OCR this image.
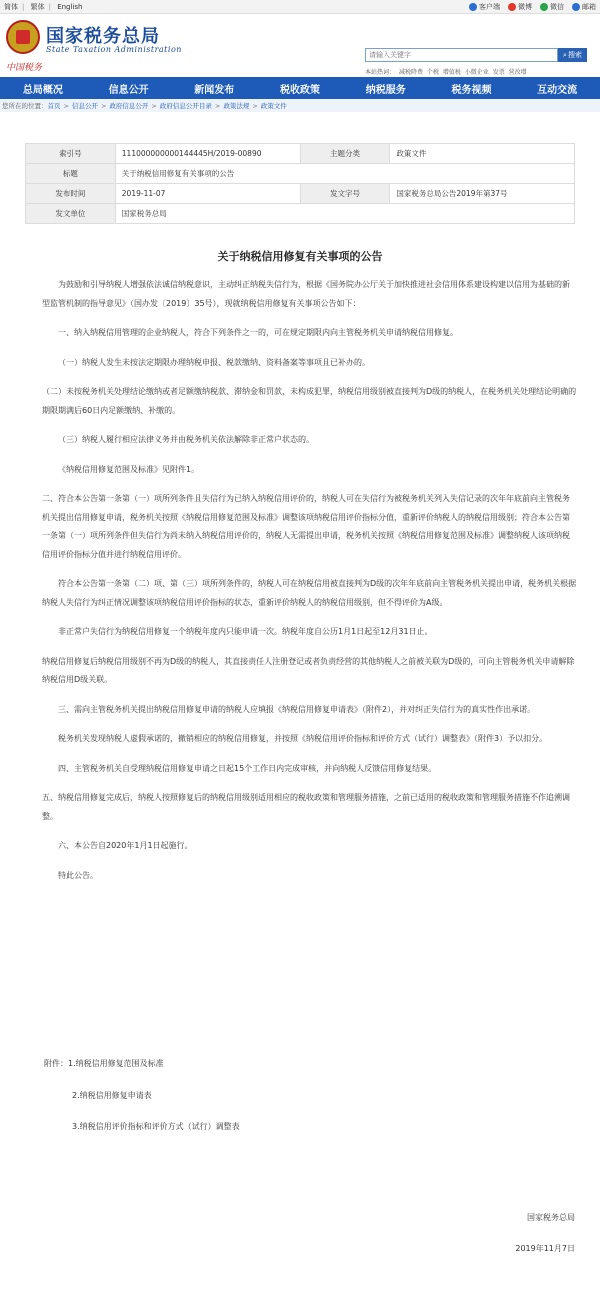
简体 | 繁体 | English	客户端	微博	微信	邮箱
国家税务总局
State Taxation Administration
中国税务
请输入关键字
⌕ 搜索
本站热词： 减税降费 个税 增值税 小微企业 发票 营改增
总局概况	信息公开	新闻发布	税收政策	纳税服务	税务视频	互动交流
您所在的位置： 首页 > 信息公开 > 政府信息公开 > 政府信息公开目录 > 政策法规 > 政策文件
索引号	111000000000144445H/2019-00890	主题分类	政策文件
标题	关于纳税信用修复有关事项的公告		
发布时间	2019-11-07	发文字号	国家税务总局公告2019年第37号
发文单位	国家税务总局		
关于纳税信用修复有关事项的公告

为鼓励和引导纳税人增强依法诚信纳税意识，主动纠正纳税失信行为，根据《国务院办公厅关于加快推进社会信用体系建设构建以信用为基础的新型监管机制的指导意见》（国办发〔2019〕35号），现就纳税信用修复有关事项公告如下：

一、纳入纳税信用管理的企业纳税人，符合下列条件之一的，可在规定期限内向主管税务机关申请纳税信用修复。

（一）纳税人发生未按法定期限办理纳税申报、税款缴纳、资料备案等事项且已补办的。

（二）未按税务机关处理结论缴纳或者足额缴纳税款、滞纳金和罚款，未构成犯罪，纳税信用级别被直接判为D级的纳税人，在税务机关处理结论明确的期限期满后60日内足额缴纳、补缴的。

（三）纳税人履行相应法律义务并由税务机关依法解除非正常户状态的。

《纳税信用修复范围及标准》见附件1。

二、符合本公告第一条第（一）项所列条件且失信行为已纳入纳税信用评价的，纳税人可在失信行为被税务机关列入失信记录的次年年底前向主管税务机关提出信用修复申请，税务机关按照《纳税信用修复范围及标准》调整该项纳税信用评价指标分值，重新评价纳税人的纳税信用级别；符合本公告第一条第（一）项所列条件但失信行为尚未纳入纳税信用评价的，纳税人无需提出申请，税务机关按照《纳税信用修复范围及标准》调整纳税人该项纳税信用评价指标分值并进行纳税信用评价。

符合本公告第一条第（二）项、第（三）项所列条件的，纳税人可在纳税信用被直接判为D级的次年年底前向主管税务机关提出申请，税务机关根据纳税人失信行为纠正情况调整该项纳税信用评价指标的状态，重新评价纳税人的纳税信用级别，但不得评价为A级。

非正常户失信行为纳税信用修复一个纳税年度内只能申请一次。纳税年度自公历1月1日起至12月31日止。

纳税信用修复后纳税信用级别不再为D级的纳税人，其直接责任人注册登记或者负责经营的其他纳税人之前被关联为D级的，可向主管税务机关申请解除纳税信用D级关联。

三、需向主管税务机关提出纳税信用修复申请的纳税人应填报《纳税信用修复申请表》（附件2），并对纠正失信行为的真实性作出承诺。

税务机关发现纳税人虚假承诺的，撤销相应的纳税信用修复，并按照《纳税信用评价指标和评价方式（试行）调整表》（附件3）予以扣分。

四、主管税务机关自受理纳税信用修复申请之日起15个工作日内完成审核，并向纳税人反馈信用修复结果。

五、纳税信用修复完成后，纳税人按照修复后的纳税信用级别适用相应的税收政策和管理服务措施，之前已适用的税收政策和管理服务措施不作追溯调整。

六、本公告自2020年1月1日起施行。

特此公告。

附件：1.纳税信用修复范围及标准
2.纳税信用修复申请表
3.纳税信用评价指标和评价方式（试行）调整表
国家税务总局
2019年11月7日
